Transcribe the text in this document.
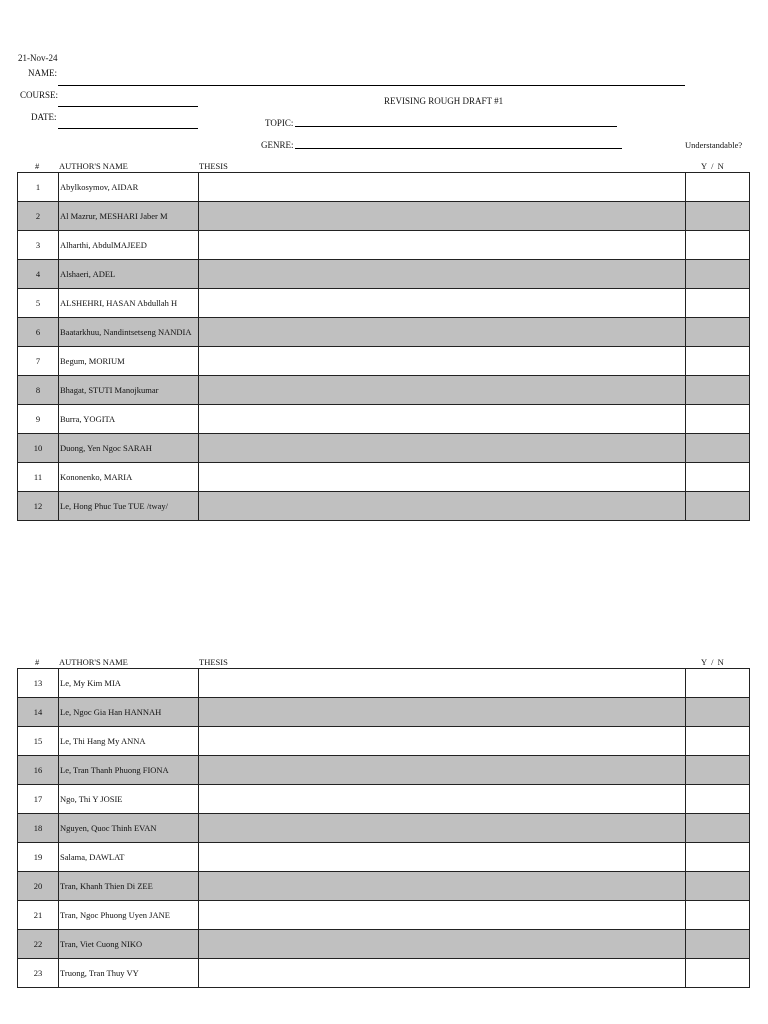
21-Nov-24
NAME:
COURSE:
DATE:
REVISING ROUGH DRAFT #1
TOPIC:
GENRE:	Understandable?
# AUTHOR'S NAME	THESIS	Y  /  N
1	Abylkosymov, AIDAR		
2	Al Mazrur, MESHARI Jaber M		
3	Alharthi, AbdulMAJEED		
4	Alshaeri, ADEL		
5	ALSHEHRI, HASAN Abdullah H		
6	Baatarkhuu, Nandintsetseng NANDIA		
7	Begum, MORIUM		
8	Bhagat, STUTI Manojkumar		
9	Burra, YOGITA		
10	Duong, Yen Ngoc SARAH		
11	Kononenko, MARIA		
12	Le, Hong Phuc Tue TUE /tway/		
# AUTHOR'S NAME	THESIS	Y  /  N
13	Le, My Kim MIA		
14	Le, Ngoc Gia Han HANNAH		
15	Le, Thi Hang My ANNA		
16	Le, Tran Thanh Phuong FIONA		
17	Ngo, Thi Y JOSIE		
18	Nguyen, Quoc Thinh EVAN		
19	Salama, DAWLAT		
20	Tran, Khanh Thien Di ZEE		
21	Tran, Ngoc Phuong Uyen JANE		
22	Tran, Viet Cuong NIKO		
23	Truong, Tran Thuy VY		
